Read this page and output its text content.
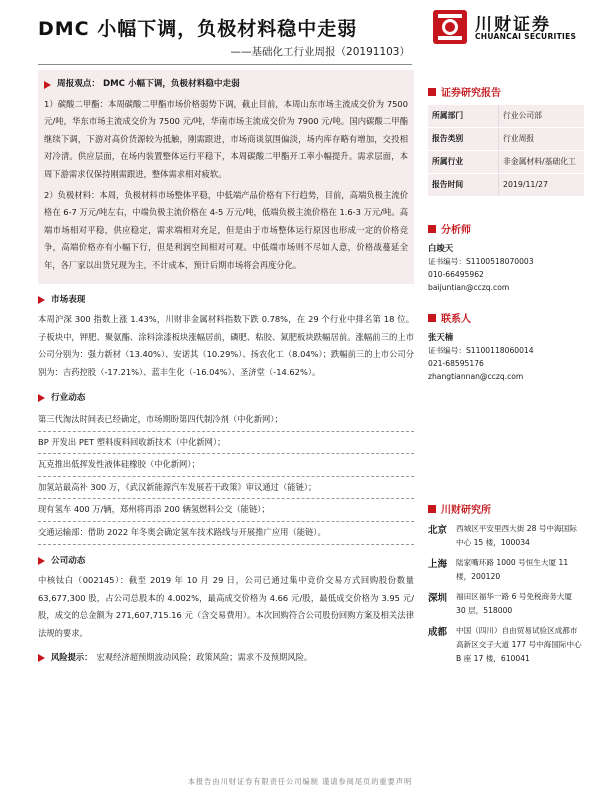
DMC 小幅下调，负极材料稳中走弱
——基础化工行业周报（20191103）
川财证券
CHUANCAI SECURITIES
周报观点： DMC 小幅下调，负极材料稳中走弱

1）碳酸二甲酯：本周碳酸二甲酯市场价格弱势下调，截止目前，本周山东市场主流成交价为 7500 元/吨，华东市场主流成交价为 7500 元/吨，华南市场主流成交价为 7900 元/吨。国内碳酸二甲酯继续下调，下游对高价货源较为抵触，刚需跟进，市场商谈氛围偏淡，场内库存略有增加，交投相对冷清。供应层面，在场内装置整体运行平稳下，本周碳酸二甲酯开工率小幅提升。需求层面，本周下游需求仅保持刚需跟进，整体需求相对疲软。

2）负极材料：本周，负极材料市场整体平稳，中低端产品价格有下行趋势，目前，高端负极主流价格在 6-7 万元/吨左右，中端负极主流价格在 4-5 万元/吨，低端负极主流价格在 1.6-3 万元/吨。高端市场相对平稳，供应稳定，需求端相对充足，但是由于市场整体运行原因也形成一定的价格竞争，高端价格亦有小幅下行，但是利润空间相对可观。中低端市场则不尽如人意，价格战蔓延全年，各厂家以出货兄现为主，不计成本，预计后期市场将会再度分化。

市场表现

本周沪深 300 指数上涨 1.43%，川财非金属材料指数下跌 0.78%，在 29 个行业中排名第 18 位。子板块中，钾肥、聚氨酯、涂料涂漆板块涨幅居前，磷肥、粘胶、氮肥板块跌幅居前。涨幅前三的上市公司分别为：强力新材（13.40%）、安诺其（10.29%）、扬农化工（8.04%）；跌幅前三的上市公司分别为：吉药控股（-17.21%）、蓝丰生化（-16.04%）、圣济堂（-14.62%）。

行业动态

第三代淘汰时间表已经确定，市场期盼第四代制冷剂（中化新网）；

BP 开发出 PET 塑料废料回收新技术（中化新网）；

瓦克推出低挥发性液体硅橡胶（中化新网）；

加氢站最高补 300 万，《武汉新能源汽车发展若干政策》审议通过（能链）；

现有氢车 400 万/辆，郑州将再添 200 辆氢燃料公交（能链）；

交通运输部：借助 2022 年冬奥会确定氢车技术路线与开展推广应用（能链）。

公司动态

中核钛白（002145）：截至 2019 年 10 月 29 日，公司已通过集中竞价交易方式回购股份数量 63,677,300 股，占公司总股本的 4.002%，最高成交价格为 4.66 元/股，最低成交价格为 3.95 元/股，成交的总金额为 271,607,715.16 元（含交易费用）。本次回购符合公司股份回购方案及相关法律法规的要求。

风险提示： 宏观经济超预期波动风险；政策风险；需求不及预期风险。
证券研究报告
所属部门	行业公司部
报告类别	行业周报
所属行业	非金属材料/基础化工
报告时间	2019/11/27
分析师
白竣天
证书编号：S1100518070003
010-66495962
baijuntian@cczq.com
联系人
张天楠
证书编号：S1100118060014
021-68595176
zhangtiannan@cczq.com
川财研究所
北京	西城区平安里西大街 28 号中海国际中心 15 楼，100034
上海	陆家嘴环路 1000 号恒生大厦 11 楼，200120
深圳	福田区福华一路 6 号免税商务大厦 30 层，518000
成都	中国（四川）自由贸易试验区成都市高新区交子大道 177 号中海国际中心 B 座 17 楼，610041
本报告由川财证券有限责任公司编制 谨请参阅尾页的重要声明
